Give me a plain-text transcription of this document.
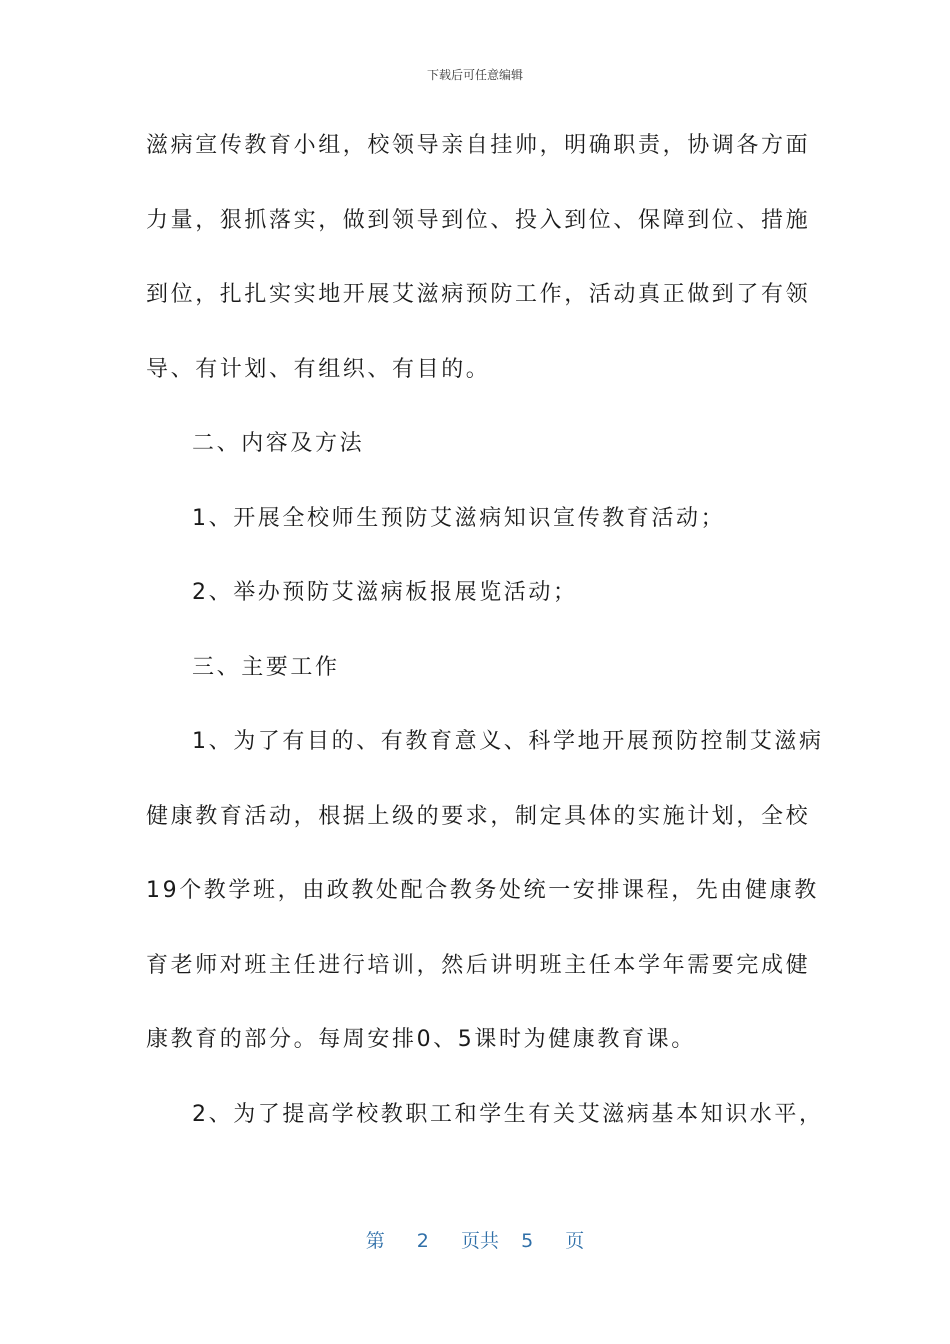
下载后可任意编辑
滋病宣传教育小组，校领导亲自挂帅，明确职责，协调各方面
力量，狠抓落实，做到领导到位、投入到位、保障到位、措施
到位，扎扎实实地开展艾滋病预防工作，活动真正做到了有领
导、有计划、有组织、有目的。
二、内容及方法
1、开展全校师生预防艾滋病知识宣传教育活动；
2、举办预防艾滋病板报展览活动；
三、主要工作
1、为了有目的、有教育意义、科学地开展预防控制艾滋病
健康教育活动，根据上级的要求，制定具体的实施计划，全校
19个教学班，由政教处配合教务处统一安排课程，先由健康教
育老师对班主任进行培训，然后讲明班主任本学年需要完成健
康教育的部分。每周安排0、5课时为健康教育课。
2、为了提高学校教职工和学生有关艾滋病基本知识水平，
第 2 页共 5 页
